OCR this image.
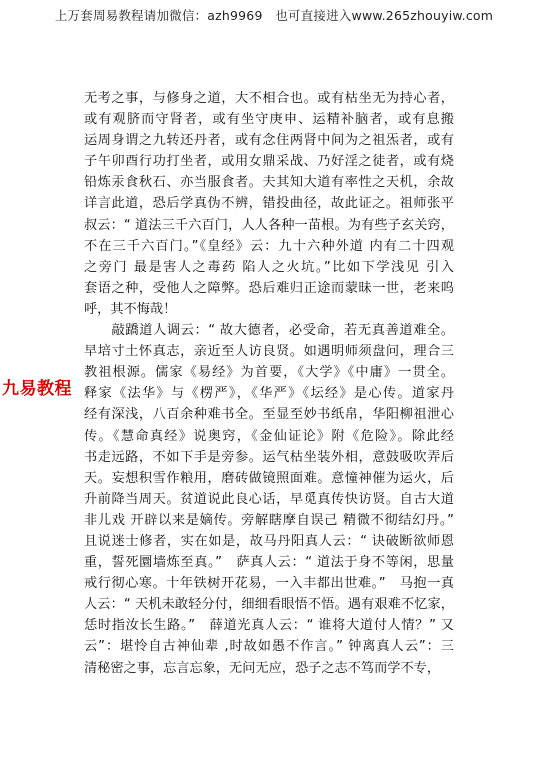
上万套周易教程请加微信：azh9969　也可直接进入www.265zhouyiw.com
九易教程
无考之事，与修身之道，大不相合也。或有枯坐无为持心者，
或有观脐而守肾者，或有坐守庚申、运精补脑者，或有息搬
运周身谓之九转还丹者，或有念住两肾中间为之祖炁者，或有
子午卯酉行功打坐者，或用女鼎采战、乃好淫之徒者，或有烧
铅炼汞食秋石、亦当服食者。夫其知大道有率性之天机，余故
详言此道，恐后学真伪不辨，错投曲径，故此证之。祖师张平
叔云：“ 道法三千六百门，人人各种一苗根。为有些子玄关窍，
不在三千六百门。”《皇经》云：九十六种外道 内有二十四观
之旁门 最是害人之毒药 陷人之火坑。”比如下学浅见 引入
套语之种，受他人之障弊。恐后难归正途而蒙昧一世，老来呜
呼，其不悔哉！
　　敲蹻道人调云：“ 故大德者，必受命，若无真善道难全。
早培寸土怀真志，亲近至人访良贤。如遇明师须盘问，理合三
教祖根源。儒家《易经》为首要，《大学》《中庸》一贯全。
释家《法华》与《楞严》，《华严》《坛经》是心传。道家丹
经有深浅，八百余种难书全。至显至妙书纸帛，华阳柳祖泄心
传。《慧命真经》说奥窍，《金仙证论》附《危险》。除此经
书走远路，不如下手是旁参。运气枯坐装外相，意鼓吸吹弄后
天。妄想积雪作粮用，磨砖做镜照面难。意憧神催为运火，后
升前降当周天。贫道说此良心话，早觅真传快访贤。自古大道
非儿戏 开辟以来是嫡传。旁解瞎摩自误己 精微不彻结幻丹。”
且说迷士修者，实在如是，故马丹阳真人云：“ 诀破断欲师恩
重，誓死圜墙炼至真。”　萨真人云：“ 道法于身不等闲，思量
戒行彻心寒。十年铁树开花易，一入丰都出世难。”　马抱一真
人云：“ 天机未敢轻分付，细细看眼悟不悟。遇有艰难不忆家，
恁时指汝长生路。”　薛道光真人云：“ 谁将大道付人情？” 又
云”：堪怜自古神仙辈 ,时故如愚不作言。” 钟离真人云”：三
清秘密之事，忘言忘象，无问无应，恐子之志不笃而学不专，
